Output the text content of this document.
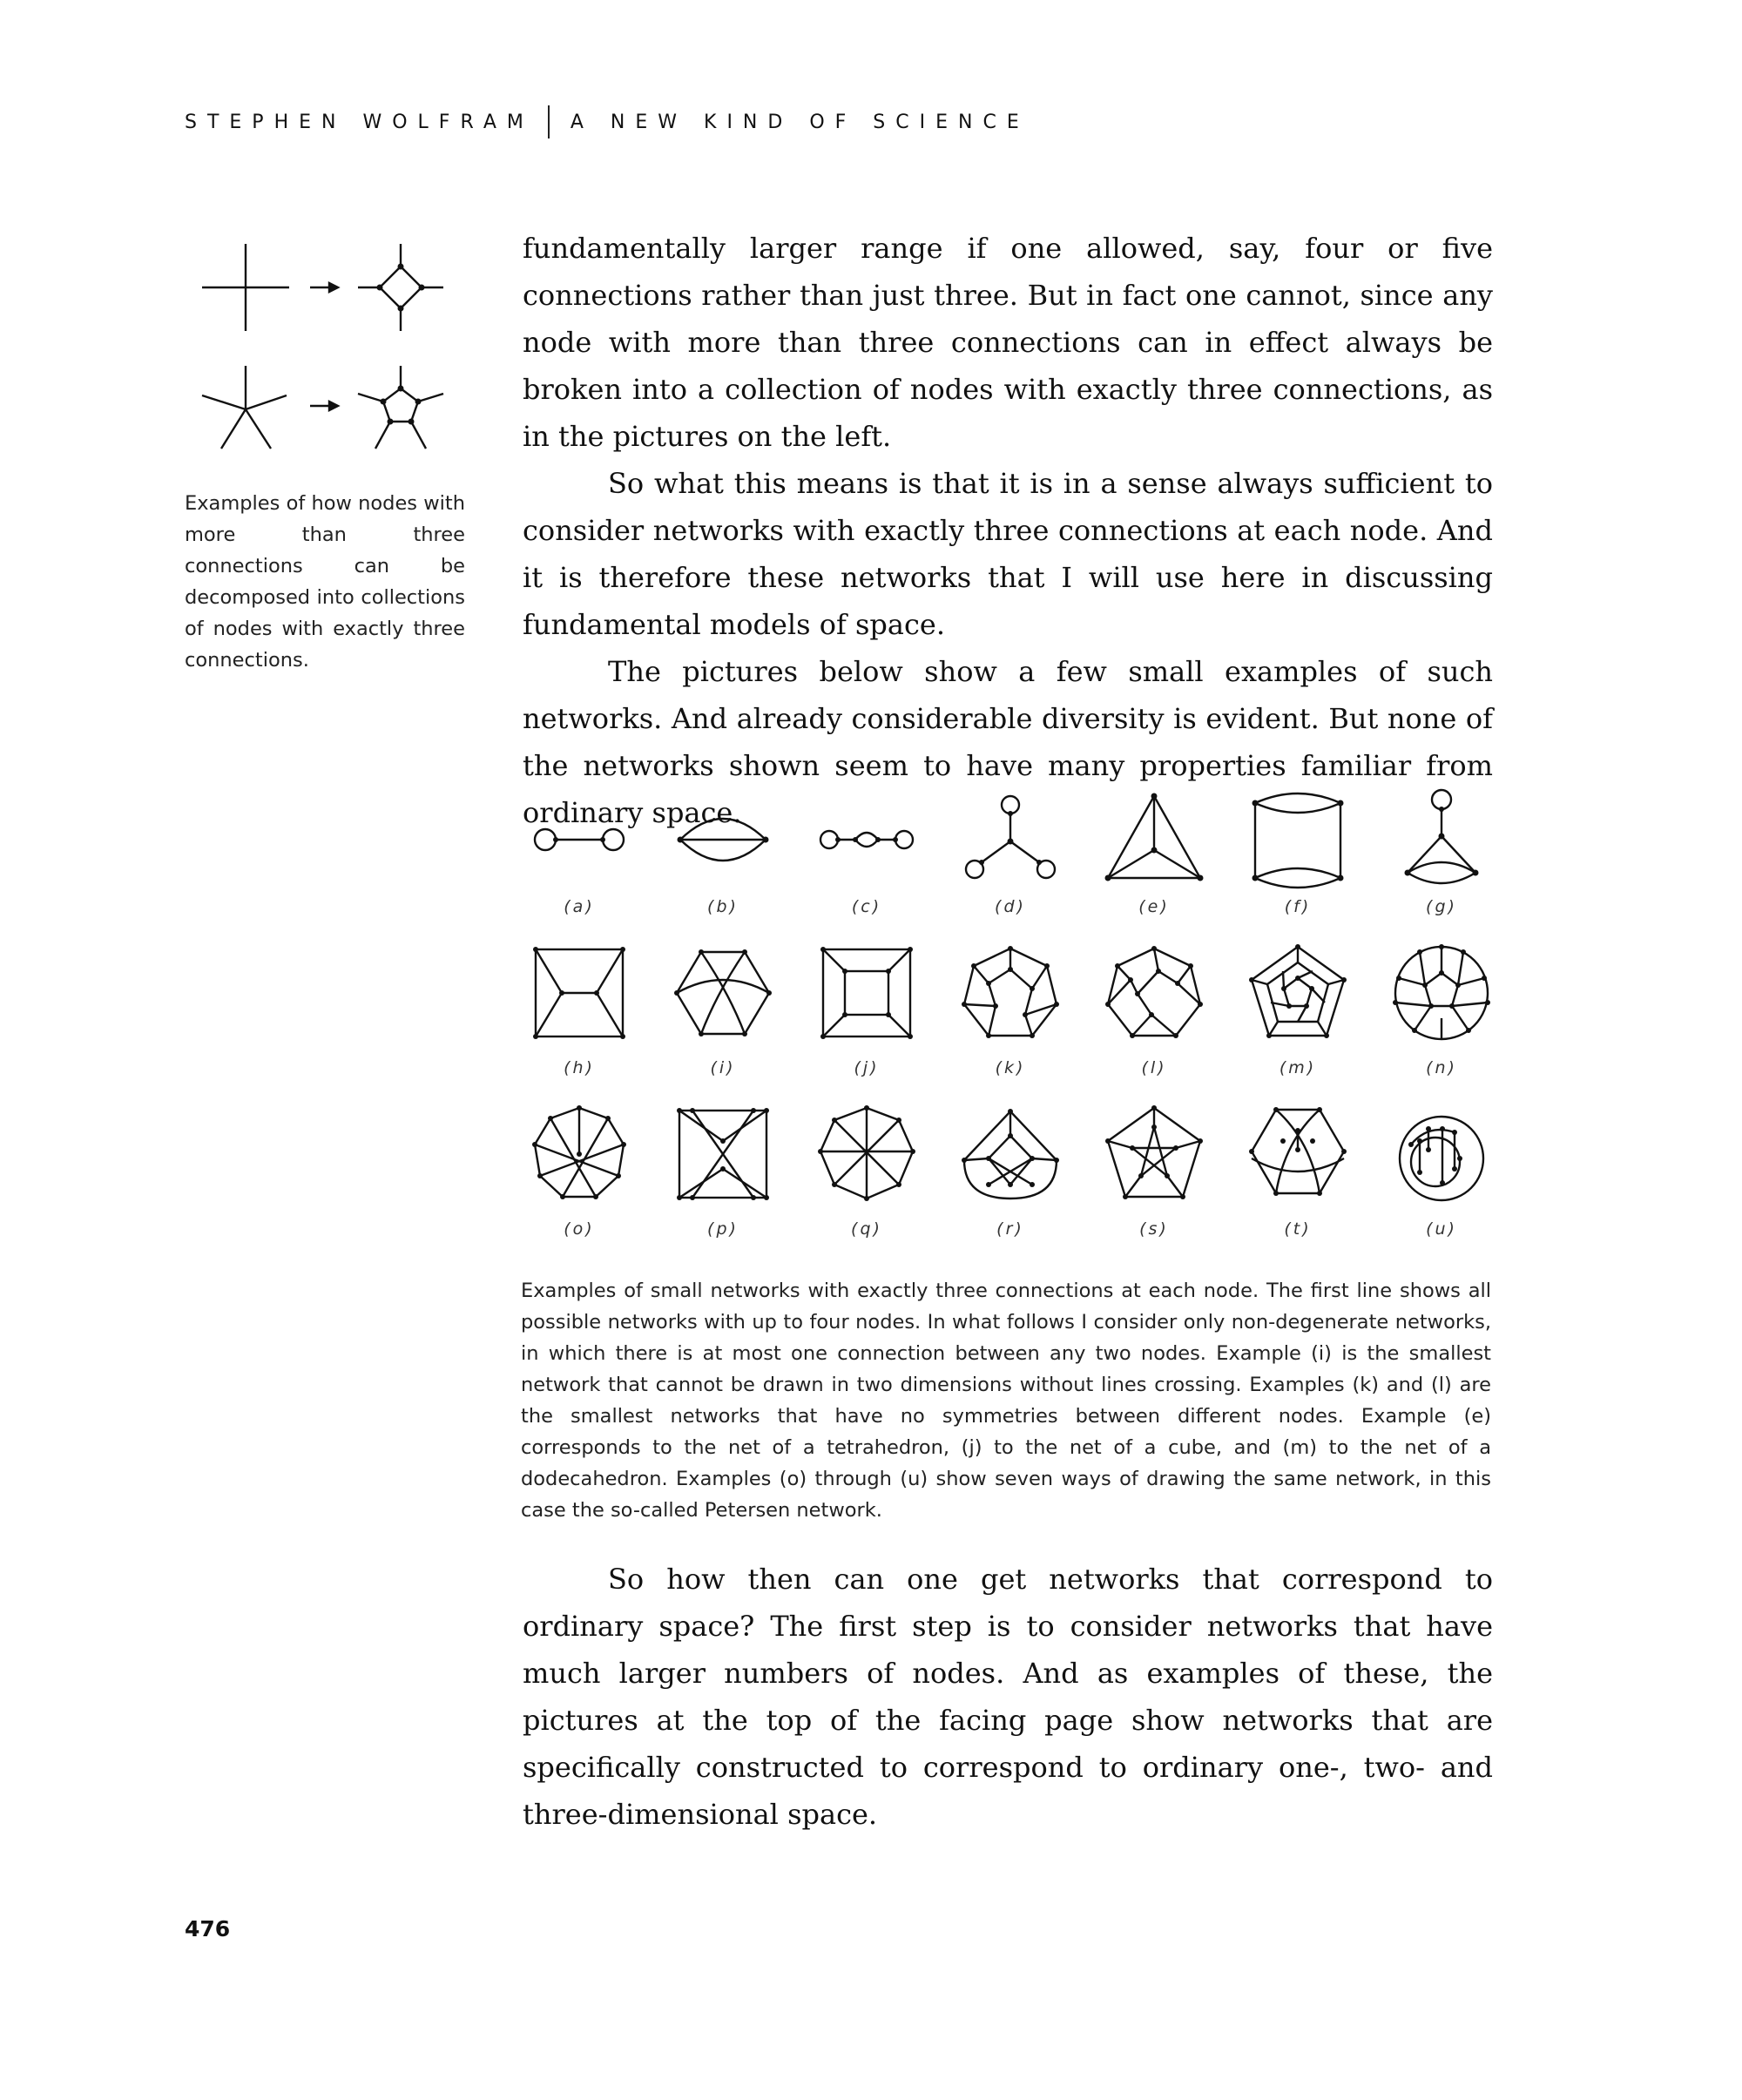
STEPHEN WOLFRAM A NEW KIND OF SCIENCE

Examples of how nodes with more than three connections can be decomposed into collections of nodes with exactly three connections.

fundamentally larger range if one allowed, say, four or five connections rather than just three. But in fact one cannot, since any node with more than three connections can in effect always be broken into a collection of nodes with exactly three connections, as in the pictures on the left.

So what this means is that it is in a sense always sufficient to consider networks with exactly three connections at each node. And it is therefore these networks that I will use here in discussing fundamental models of space.

The pictures below show a few small examples of such networks. And already considerable diversity is evident. But none of the networks shown seem to have many properties familiar from ordinary space.

(a)	(b)	(c)	(d)	(e)	(f)	(g)
(h)	(i)	(j)	(k)	(l)	(m)	(n)
(o)	(p)	(q)	(r)	(s)	(t)	(u)

Examples of small networks with exactly three connections at each node. The first line shows all possible networks with up to four nodes. In what follows I consider only non-degenerate networks, in which there is at most one connection between any two nodes. Example (i) is the smallest network that cannot be drawn in two dimensions without lines crossing. Examples (k) and (l) are the smallest networks that have no symmetries between different nodes. Example (e) corresponds to the net of a tetrahedron, (j) to the net of a cube, and (m) to the net of a dodecahedron. Examples (o) through (u) show seven ways of drawing the same network, in this case the so-called Petersen network.

So how then can one get networks that correspond to ordinary space? The first step is to consider networks that have much larger numbers of nodes. And as examples of these, the pictures at the top of the facing page show networks that are specifically constructed to correspond to ordinary one-, two- and three-dimensional space.

476
